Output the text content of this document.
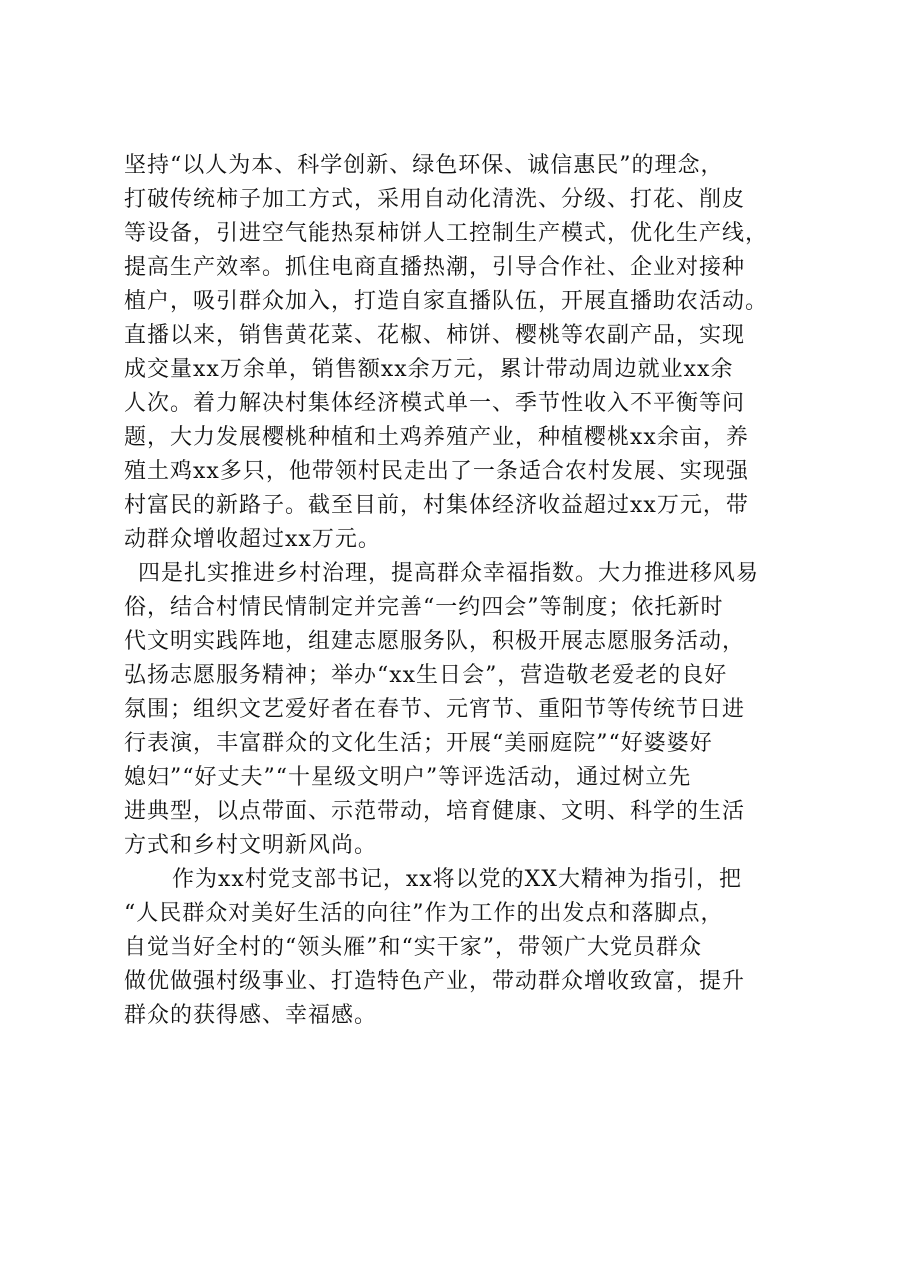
坚持“以人为本、科学创新、绿色环保、诚信惠民”的理念，
打破传统柿子加工方式，采用自动化清洗、分级、打花、削皮
等设备，引进空气能热泵柿饼人工控制生产模式，优化生产线，
提高生产效率。抓住电商直播热潮，引导合作社、企业对接种
植户，吸引群众加入，打造自家直播队伍，开展直播助农活动。
直播以来，销售黄花菜、花椒、柿饼、樱桃等农副产品，实现
成交量xx万余单，销售额xx余万元，累计带动周边就业xx余
人次。着力解决村集体经济模式单一、季节性收入不平衡等问
题，大力发展樱桃种植和土鸡养殖产业，种植樱桃xx余亩，养
殖土鸡xx多只，他带领村民走出了一条适合农村发展、实现强
村富民的新路子。截至目前，村集体经济收益超过xx万元，带
动群众增收超过xx万元。
四是扎实推进乡村治理，提高群众幸福指数。大力推进移风易
俗，结合村情民情制定并完善“一约四会”等制度；依托新时
代文明实践阵地，组建志愿服务队，积极开展志愿服务活动，
弘扬志愿服务精神；举办“xx生日会”，营造敬老爱老的良好
氛围；组织文艺爱好者在春节、元宵节、重阳节等传统节日进
行表演，丰富群众的文化生活；开展“美丽庭院”“好婆婆好
媳妇”“好丈夫”“十星级文明户”等评选活动，通过树立先
进典型，以点带面、示范带动，培育健康、文明、科学的生活
方式和乡村文明新风尚。
作为xx村党支部书记，xx将以党的XX大精神为指引，把
“人民群众对美好生活的向往”作为工作的出发点和落脚点，
自觉当好全村的“领头雁”和“实干家”，带领广大党员群众
做优做强村级事业、打造特色产业，带动群众增收致富，提升
群众的获得感、幸福感。
